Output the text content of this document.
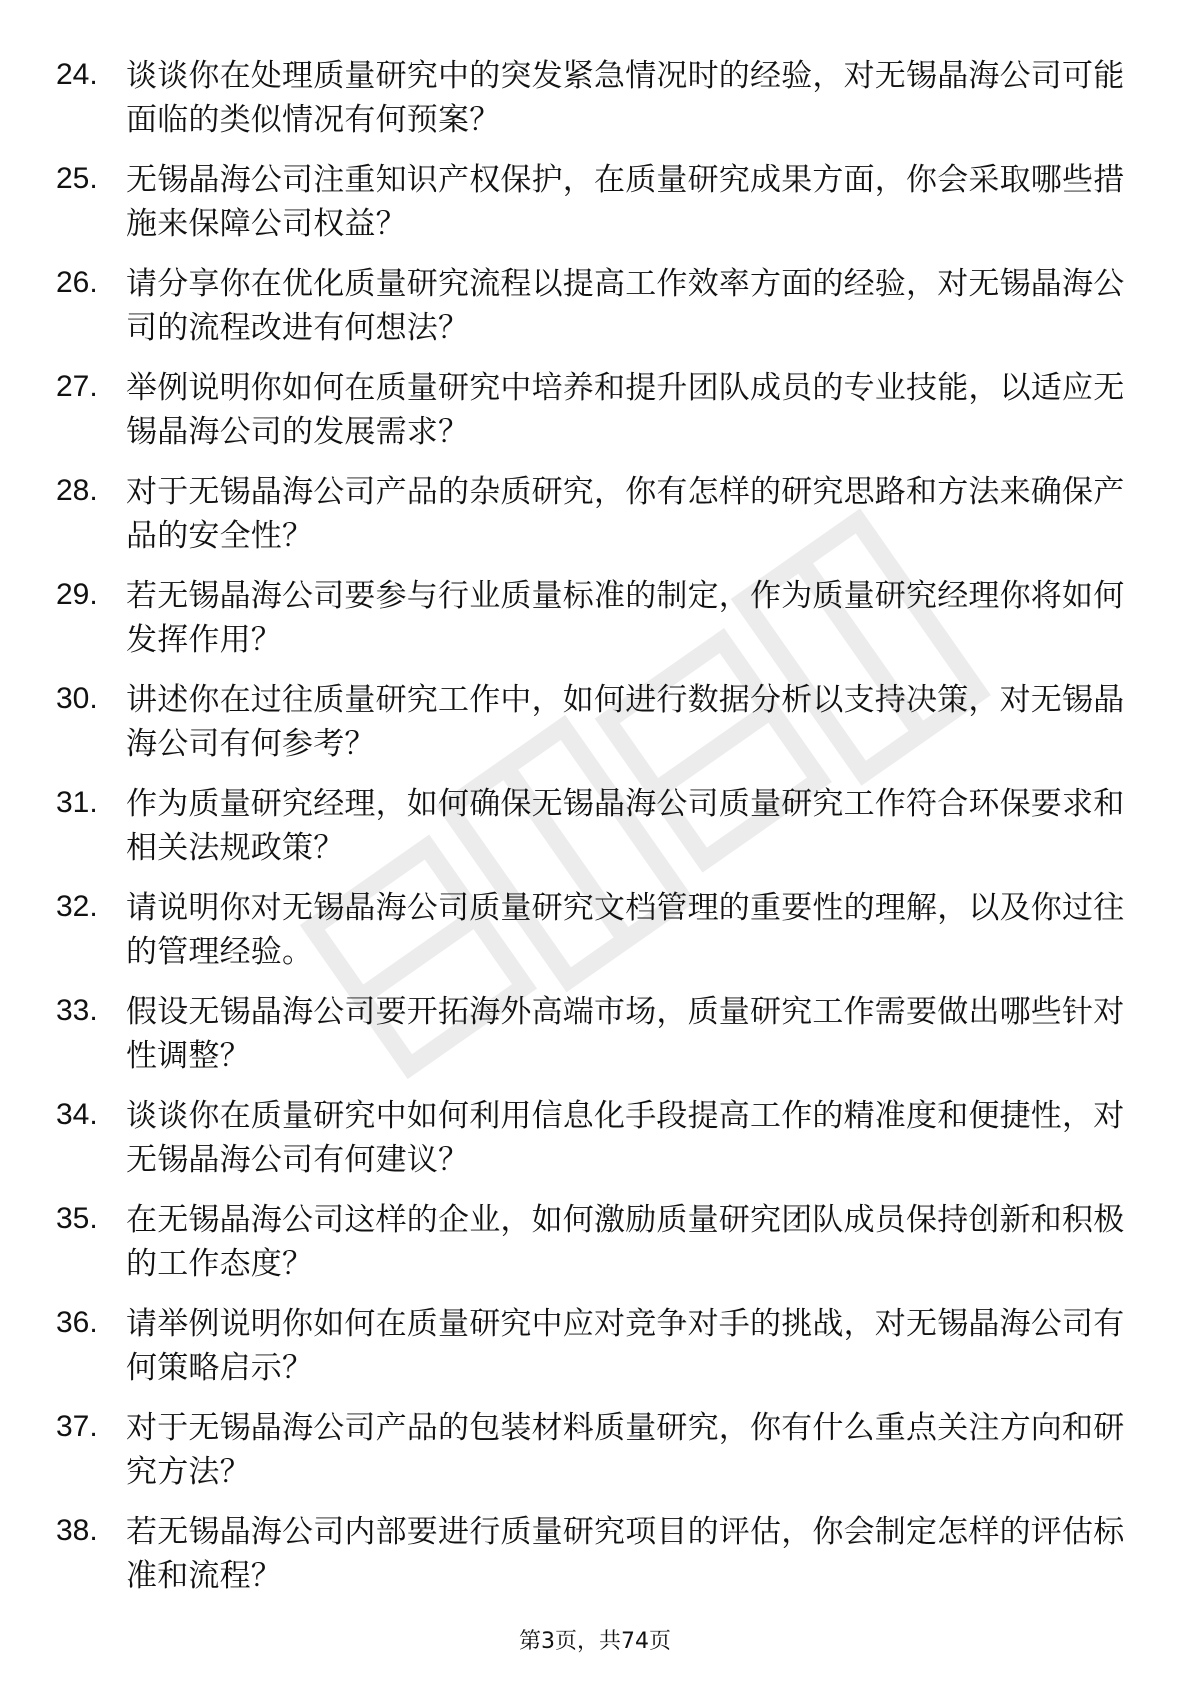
24. 谈谈你在处理质量研究中的突发紧急情况时的经验，对无锡晶海公司可能面临的类似情况有何预案？
25. 无锡晶海公司注重知识产权保护，在质量研究成果方面，你会采取哪些措施来保障公司权益？
26. 请分享你在优化质量研究流程以提高工作效率方面的经验，对无锡晶海公司的流程改进有何想法？
27. 举例说明你如何在质量研究中培养和提升团队成员的专业技能，以适应无锡晶海公司的发展需求？
28. 对于无锡晶海公司产品的杂质研究，你有怎样的研究思路和方法来确保产品的安全性？
29. 若无锡晶海公司要参与行业质量标准的制定，作为质量研究经理你将如何发挥作用？
30. 讲述你在过往质量研究工作中，如何进行数据分析以支持决策，对无锡晶海公司有何参考？
31. 作为质量研究经理，如何确保无锡晶海公司质量研究工作符合环保要求和相关法规政策？
32. 请说明你对无锡晶海公司质量研究文档管理的重要性的理解，以及你过往的管理经验。
33. 假设无锡晶海公司要开拓海外高端市场，质量研究工作需要做出哪些针对性调整？
34. 谈谈你在质量研究中如何利用信息化手段提高工作的精准度和便捷性，对无锡晶海公司有何建议？
35. 在无锡晶海公司这样的企业，如何激励质量研究团队成员保持创新和积极的工作态度？
36. 请举例说明你如何在质量研究中应对竞争对手的挑战，对无锡晶海公司有何策略启示？
37. 对于无锡晶海公司产品的包装材料质量研究，你有什么重点关注方向和研究方法？
38. 若无锡晶海公司内部要进行质量研究项目的评估，你会制定怎样的评估标准和流程？
第3页，共74页
